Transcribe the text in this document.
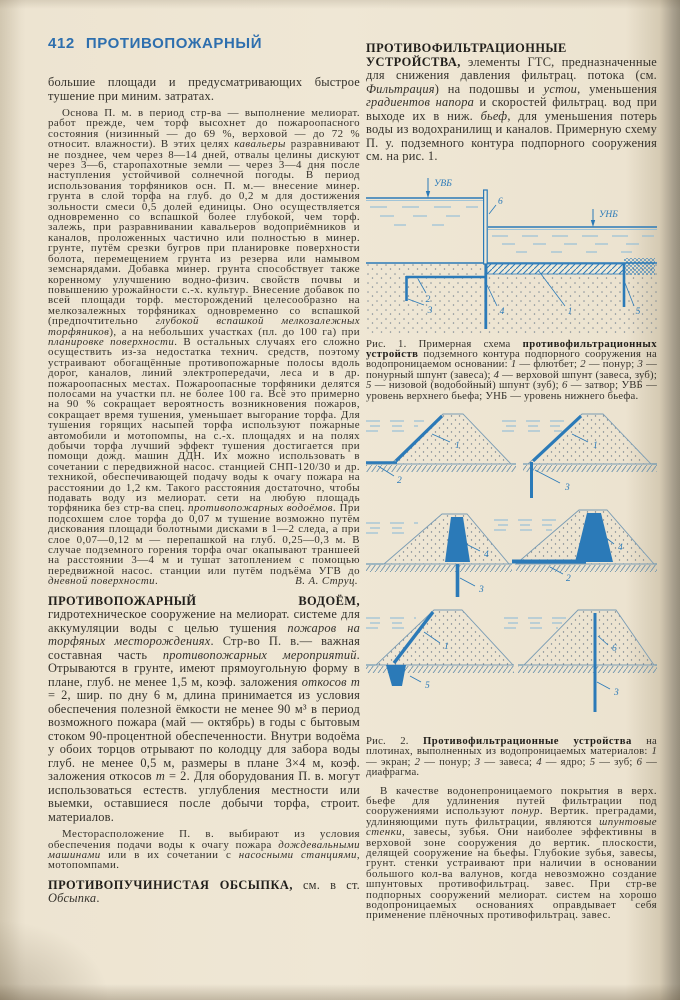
412 ПРОТИВОПОЖАРНЫЙ

большие площади и предусматривающих быстрое тушение при миним. затратах.

Основа П. м. в период стр-ва — выполнение мелиорат. работ прежде, чем торф высохнет до пожароопасного состояния (низинный — до 69 %, верховой — до 72 % относит. влажности). В этих целях кавальеры разравнивают не позднее, чем через 8—14 дней, отвалы целины дискуют через 3—6, старопахотные земли — через 3—4 дня после наступления устойчивой солнечной погоды. В период использования торфяников осн. П. м.— внесение минер. грунта в слой торфа на глуб. до 0,2 м для достижения зольности смеси 0,5 долей единицы. Оно осуществляется одновременно со вспашкой более глубокой, чем торф. залежь, при разравнивании кавальеров водоприёмников и каналов, проложенных частично или полностью в минер. грунте, путём срезки бугров при планировке поверхности болота, перемещением грунта из резерва или намывом земснарядами. Добавка минер. грунта способствует также коренному улучшению водно-физич. свойств почвы и повышению урожайности с.-х. культур. Внесение добавок по всей площади торф. месторождений целесообразно на мелкозалежных торфяниках одновременно со вспашкой (предпочтительно глубокой вспашкой мелкозалежных торфяников), а на небольших участках (пл. до 100 га) при планировке поверхности. В остальных случаях его сложно осуществить из-за недостатка технич. средств, поэтому устраивают обогащённые противопожарные полосы вдоль дорог, каналов, линий электропередачи, леса и в др. пожароопасных местах. Пожароопасные торфяники делятся полосами на участки пл. не более 100 га. Всё это примерно на 90 % сокращает вероятность возникновения пожаров, сокращает время тушения, уменьшает выгорание торфа. Для тушения горящих насыпей торфа используют пожарные автомобили и мотопомпы, на с.-х. площадях и на полях добычи торфа лучший эффект тушения достигается при помощи дожд. машин ДДН. Их можно использовать в сочетании с передвижной насос. станцией СНП-120/30 и др. техникой, обеспечивающей подачу воды к очагу пожара на расстоянии до 1,2 км. Такого расстояния достаточно, чтобы подавать воду из мелиорат. сети на любую площадь торфяника без стр-ва спец. противопожарных водоёмов. При подсохшем слое торфа до 0,07 м тушение возможно путём дискования площади болотными дисками в 1—2 следа, а при слое 0,07—0,12 м — перепашкой на глуб. 0,25—0,3 м. В случае подземного горения торфа очаг окапывают траншеей на расстоянии 3—4 м и тушат затоплением с помощью передвижной насос. станции или путём подъёма УГВ до дневной поверхности.	В. А. Струц.

ПРОТИВОПОЖАРНЫЙ ВОДОЁМ, гидротехническое сооружение на мелиорат. системе для аккумуляции воды с целью тушения пожаров на торфяных месторождениях. Стр-во П. в.— важная составная часть противопожарных мероприятий. Отрываются в грунте, имеют прямоугольную форму в плане, глуб. не менее 1,5 м, коэф. заложения откосов m = 2, шир. по дну 6 м, длина принимается из условия обеспечения полезной ёмкости не менее 90 м³ в период возможного пожара (май — октябрь) в годы с бытовым стоком 90-процентной обеспеченности. Внутри водоёма у обоих торцов отрывают по колодцу для забора воды глуб. не менее 0,5 м, размеры в плане 3×4 м, коэф. заложения откосов m = 2. Для оборудования П. в. могут использоваться естеств. углубления местности или выемки, оставшиеся после добычи торфа, строит. материалов.

Месторасположение П. в. выбирают из условия обеспечения подачи воды к очагу пожара дождевальными машинами или в их сочетании с насосными станциями, мотопомпами.

ПРОТИВОПУЧИНИСТАЯ ОБСЫПКА, см. в ст. Обсыпка.

ПРОТИВОФИЛЬТРАЦИОННЫЕ УСТРОЙСТВА, элементы ГТС, предназначенные для снижения давления фильтрац. потока (см. Фильтрация) на подошвы и устои, уменьшения градиентов напора и скоростей фильтрац. вод при выходе их в ниж. бьеф, для уменьшения потерь воды из водохранилищ и каналов. Примерную схему П. у. подземного контура подпорного сооружения см. на рис. 1.

УВБ
УНБ
6
2
3	4	1	5

Рис. 1. Примерная схема противофильтрационных устройств подземного контура подпорного сооружения на водопроницаемом основании: 1 — флютбет; 2 — понур; 3 — понурный шпунт (завеса); 4 — верховой шпунт (завеса, зуб); 5 — низовой (водобойный) шпунт (зуб); 6 — затвор; УВБ — уровень верхнего бьефа; УНБ — уровень нижнего бьефа.

1
2
1
3
4
3
4
2
1
5
6
3

Рис. 2. Противофильтрационные устройства на плотинах, выполненных из водопроницаемых материалов: 1 — экран; 2 — понур; 3 — завеса; 4 — ядро; 5 — зуб; 6 — диафрагма.

В качестве водонепроницаемого покрытия в верх. бьефе для удлинения путей фильтрации под сооружениями используют понур. Вертик. преградами, удлиняющими путь фильтрации, являются шпунтовые стенки, завесы, зубья. Они наиболее эффективны в верховой зоне сооружения до вертик. плоскости, делящей сооружение на бьефы. Глубокие зубья, завесы, грунт. стенки устраивают при наличии в основании большого кол-ва валунов, когда невозможно создание шпунтовых противофильтрац. завес. При стр-ве подпорных сооружений мелиорат. систем на хорошо водопроницаемых основаниях оправдывает себя применение плёночных противофильтрац. завес.
